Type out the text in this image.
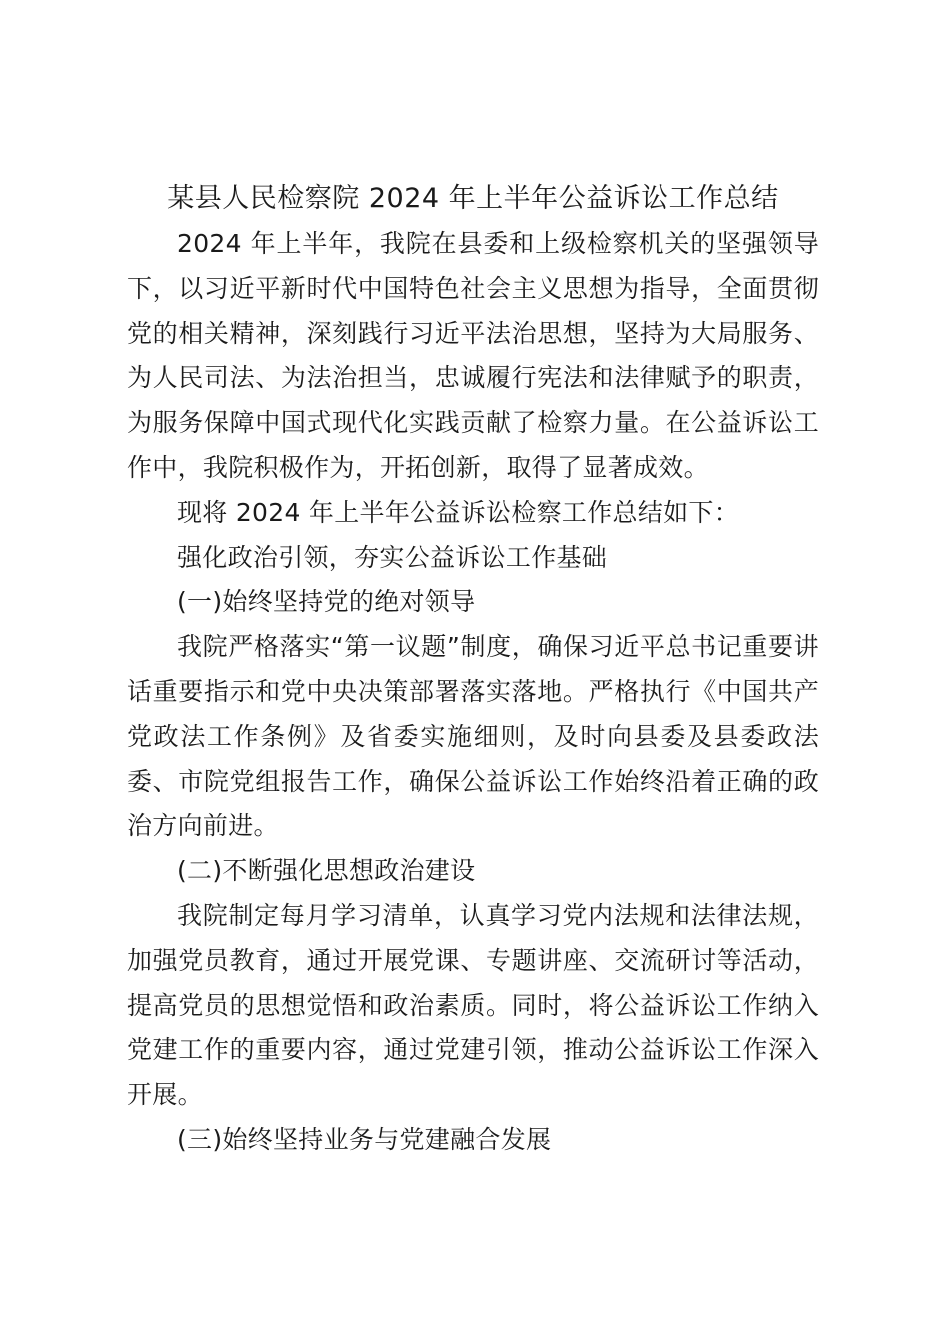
某县人民检察院 2024 年上半年公益诉讼工作总结

2024 年上半年，我院在县委和上级检察机关的坚强领导下，以习近平新时代中国特色社会主义思想为指导，全面贯彻党的相关精神，深刻践行习近平法治思想，坚持为大局服务、为人民司法、为法治担当，忠诚履行宪法和法律赋予的职责，为服务保障中国式现代化实践贡献了检察力量。在公益诉讼工作中，我院积极作为，开拓创新，取得了显著成效。

现将 2024 年上半年公益诉讼检察工作总结如下：

强化政治引领，夯实公益诉讼工作基础

(一)始终坚持党的绝对领导

我院严格落实“第一议题”制度，确保习近平总书记重要讲话重要指示和党中央决策部署落实落地。严格执行《中国共产党政法工作条例》及省委实施细则，及时向县委及县委政法委、市院党组报告工作，确保公益诉讼工作始终沿着正确的政治方向前进。

(二)不断强化思想政治建设

我院制定每月学习清单，认真学习党内法规和法律法规，加强党员教育，通过开展党课、专题讲座、交流研讨等活动，提高党员的思想觉悟和政治素质。同时，将公益诉讼工作纳入党建工作的重要内容，通过党建引领，推动公益诉讼工作深入开展。

(三)始终坚持业务与党建融合发展
